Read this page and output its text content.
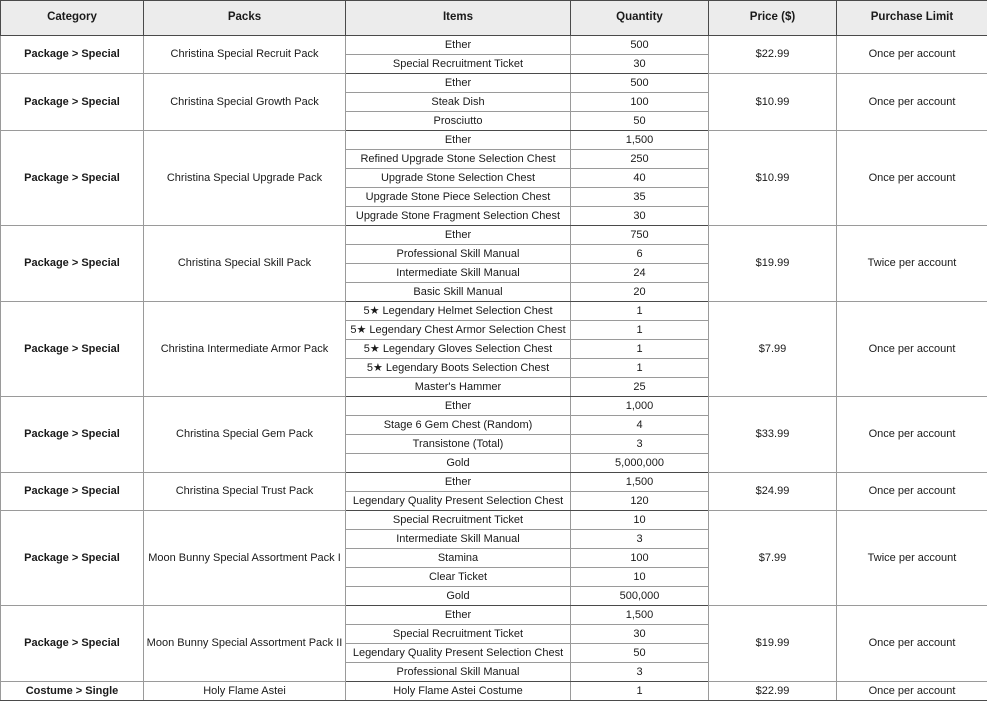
Category	Packs	Items	Quantity	Price ($)	Purchase Limit
Package > Special	Christina Special Recruit Pack	Ether	500	$22.99	Once per account
		Special Recruitment Ticket	30		
Package > Special	Christina Special Growth Pack	Ether	500	$10.99	Once per account
		Steak Dish	100		
		Prosciutto	50		
Package > Special	Christina Special Upgrade Pack	Ether	1,500	$10.99	Once per account
		Refined Upgrade Stone Selection Chest	250		
		Upgrade Stone Selection Chest	40		
		Upgrade Stone Piece Selection Chest	35		
		Upgrade Stone Fragment Selection Chest	30		
Package > Special	Christina Special Skill Pack	Ether	750	$19.99	Twice per account
		Professional Skill Manual	6		
		Intermediate Skill Manual	24		
		Basic Skill Manual	20		
Package > Special	Christina Intermediate Armor Pack	5★ Legendary Helmet Selection Chest	1	$7.99	Once per account
		5★ Legendary Chest Armor Selection Chest	1		
		5★ Legendary Gloves Selection Chest	1		
		5★ Legendary Boots Selection Chest	1		
		Master's Hammer	25		
Package > Special	Christina Special Gem Pack	Ether	1,000	$33.99	Once per account
		Stage 6 Gem Chest (Random)	4		
		Transistone (Total)	3		
		Gold	5,000,000		
Package > Special	Christina Special Trust Pack	Ether	1,500	$24.99	Once per account
		Legendary Quality Present Selection Chest	120		
Package > Special	Moon Bunny Special Assortment Pack I	Special Recruitment Ticket	10	$7.99	Twice per account
		Intermediate Skill Manual	3		
		Stamina	100		
		Clear Ticket	10		
		Gold	500,000		
Package > Special	Moon Bunny Special Assortment Pack II	Ether	1,500	$19.99	Once per account
		Special Recruitment Ticket	30		
		Legendary Quality Present Selection Chest	50		
		Professional Skill Manual	3		
Costume > Single	Holy Flame Astei	Holy Flame Astei Costume	1	$22.99	Once per account
